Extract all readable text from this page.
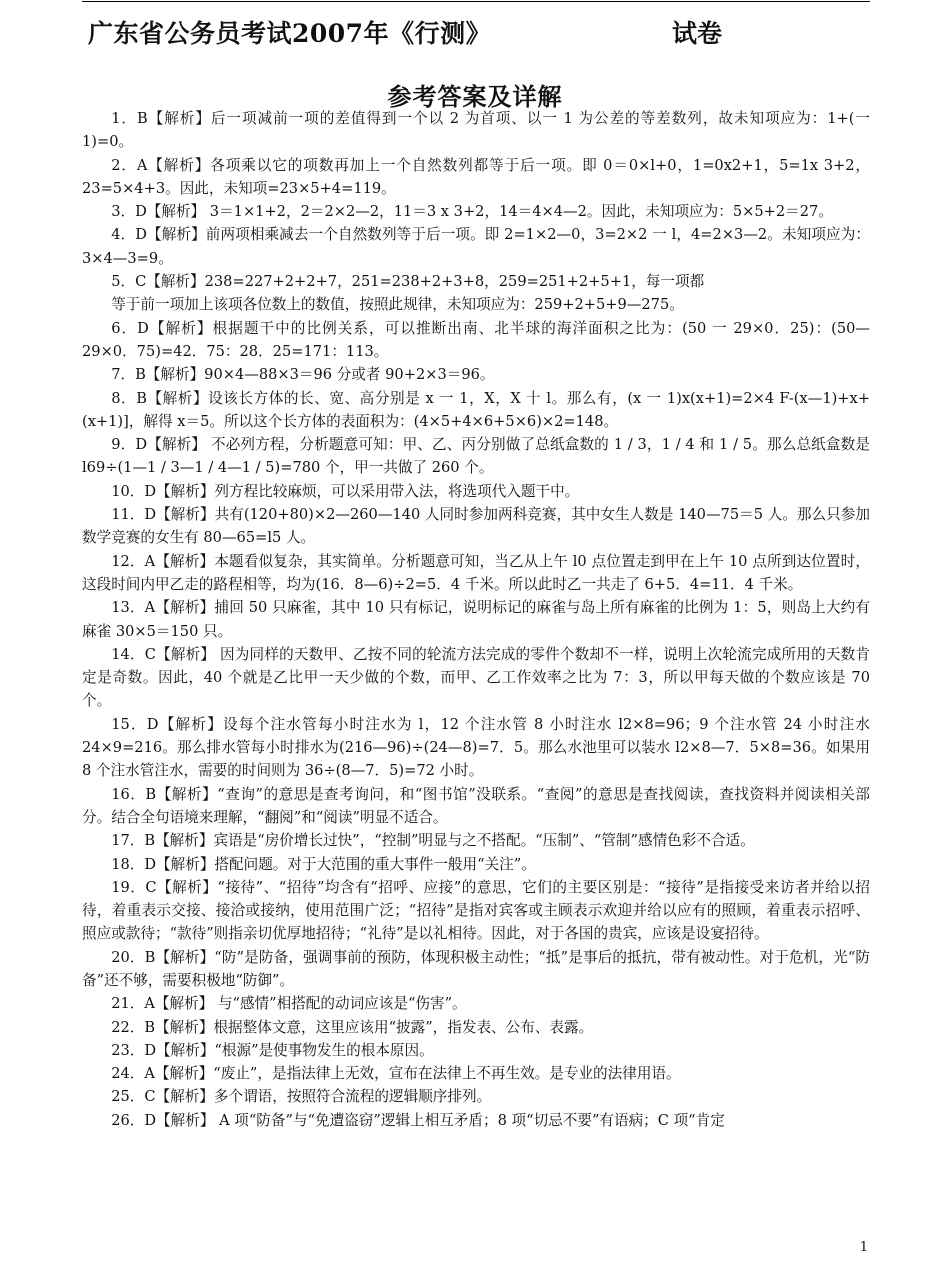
广东省公务员考试2007年《行测》	试卷
参考答案及详解

1．B【解析】后一项减前一项的差值得到一个以 2 为首项、以一 1 为公差的等差数列，故未知项应为：1+(一 1)=0。

2．A【解析】各项乘以它的项数再加上一个自然数列都等于后一项。即 0＝0×l+0，1=0x2+1，5=1x 3+2，23=5×4+3。因此，未知项=23×5+4=119。

3．D【解析】 3＝1×1+2，2＝2×2—2，11＝3 x 3+2，14＝4×4—2。因此，未知项应为：5×5+2＝27。

4．D【解析】前两项相乘减去一个自然数列等于后一项。即 2=1×2—0，3=2×2 一 l，4=2×3—2。未知项应为：3×4—3=9。

5．C【解析】238=227+2+2+7，251=238+2+3+8，259=251+2+5+1，每一项都

等于前一项加上该项各位数上的数值，按照此规律，未知项应为：259+2+5+9—275。

6．D【解析】根据题干中的比例关系，可以推断出南、北半球的海洋面积之比为：(50 一 29×0．25)：(50—29×0．75)=42．75：28．25=171：113。

7．B【解析】90×4—88×3＝96 分或者 90+2×3＝96。

8．B【解析】设该长方体的长、宽、高分别是 x 一 1，X，X 十 l。那么有，(x 一 1)x(x+1)=2×4 F-(x—1)+x+(x+1)]，解得 x＝5。所以这个长方体的表面积为：(4×5+4×6+5×6)×2=148。

9．D【解析】 不必列方程，分析题意可知：甲、乙、丙分别做了总纸盒数的 1 / 3，1 / 4 和 1 / 5。那么总纸盒数是 l69÷(1—1 / 3—1 / 4—1 / 5)=780 个，甲一共做了 260 个。

10．D【解析】列方程比较麻烦，可以采用带入法，将选项代入题干中。

11．D【解析】共有(120+80)×2—260—140 人同时参加两科竞赛，其中女生人数是 140—75＝5 人。那么只参加数学竞赛的女生有 80—65=l5 人。

12．A【解析】本题看似复杂，其实简单。分析题意可知，当乙从上午 l0 点位置走到甲在上午 10 点所到达位置时，这段时间内甲乙走的路程相等，均为(16．8—6)÷2=5．4 千米。所以此时乙一共走了 6+5．4=11．4 千米。

13．A【解析】捕回 50 只麻雀，其中 10 只有标记，说明标记的麻雀与岛上所有麻雀的比例为 1：5，则岛上大约有麻雀 30×5＝150 只。

14．C【解析】 因为同样的天数甲、乙按不同的轮流方法完成的零件个数却不一样，说明上次轮流完成所用的天数肯定是奇数。因此，40 个就是乙比甲一天少做的个数，而甲、乙工作效率之比为 7：3，所以甲每天做的个数应该是 70 个。

15．D【解析】设每个注水管每小时注水为 l，12 个注水管 8 小时注水 l2×8=96；9 个注水管 24 小时注水 24×9=216。那么排水管每小时排水为(216—96)÷(24—8)=7．5。那么水池里可以装水 l2×8—7．5×8=36。如果用 8 个注水管注水，需要的时间则为 36÷(8—7．5)=72 小时。

16．B【解析】“查询”的意思是查考询问，和“图书馆”没联系。“查阅”的意思是查找阅读，查找资料并阅读相关部分。结合全句语境来理解，“翻阅”和“阅读”明显不适合。

17．B【解析】宾语是“房价增长过快”，“控制”明显与之不搭配。“压制”、“管制”感情色彩不合适。

18．D【解析】搭配问题。对于大范围的重大事件一般用“关注”。

19．C【解析】“接待”、“招待”均含有“招呼、应接”的意思，它们的主要区别是：“接待”是指接受来访者并给以招待，着重表示交接、接洽或接纳，使用范围广泛；“招待”是指对宾客或主顾表示欢迎并给以应有的照顾，着重表示招呼、照应或款待；“款待”则指亲切优厚地招待；“礼待”是以礼相待。因此，对于各国的贵宾，应该是设宴招待。

20．B【解析】“防”是防备，强调事前的预防，体现积极主动性；“抵”是事后的抵抗，带有被动性。对于危机，光“防备”还不够，需要积极地“防御”。

21．A【解析】 与“感情”相搭配的动词应该是“伤害”。

22．B【解析】根据整体文意，这里应该用“披露”，指发表、公布、表露。

23．D【解析】“根源”是使事物发生的根本原因。

24．A【解析】“废止”，是指法律上无效，宣布在法律上不再生效。是专业的法律用语。

25．C【解析】多个谓语，按照符合流程的逻辑顺序排列。

26．D【解析】 A 项“防备”与“免遭盗窃”逻辑上相互矛盾；8 项“切忌不要”有语病；C 项“肯定

1
